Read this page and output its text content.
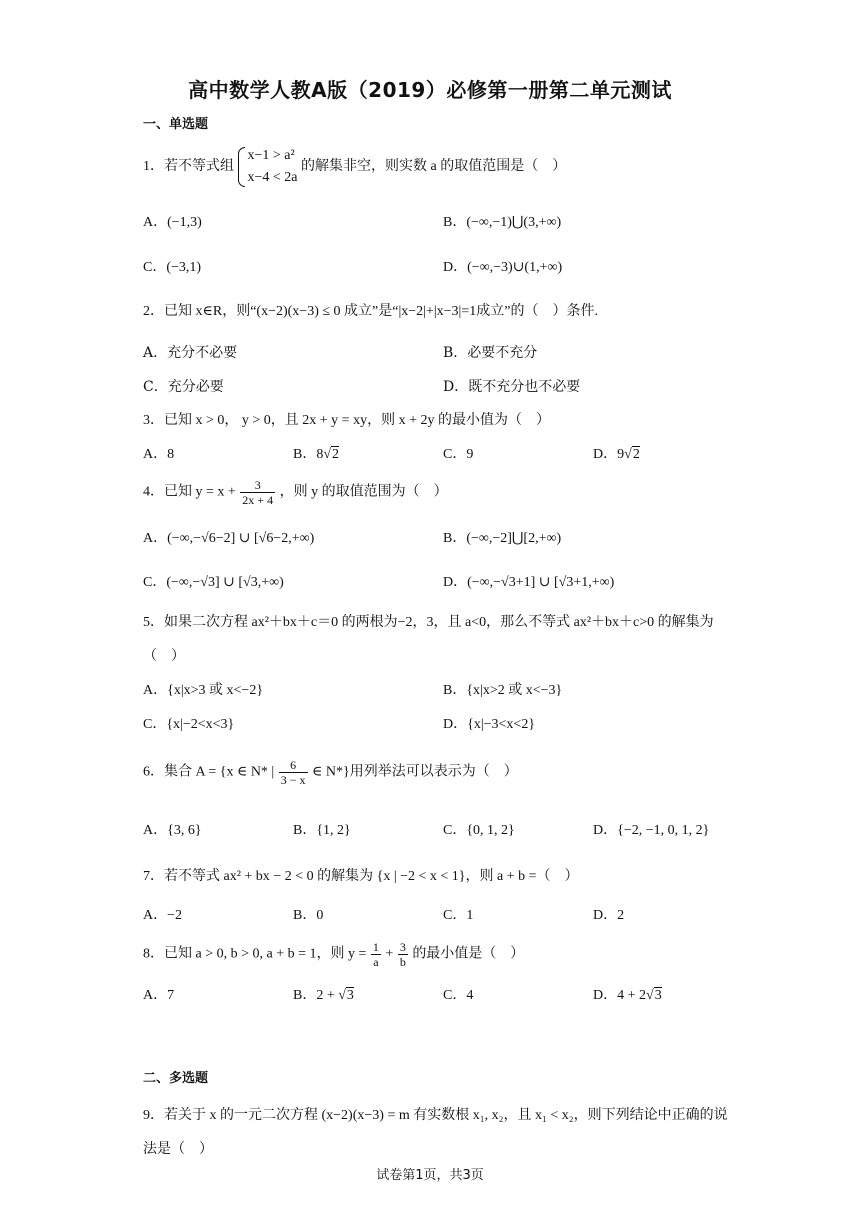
高中数学人教A版（2019）必修第一册第二单元测试
一、单选题
1．若不等式组
x−1 > a²
x−4 < 2a
的解集非空，则实数 a 的取值范围是（　）
A．(−1,3)	B．(−∞,−1)⋃(3,+∞)
C．(−3,1)	D．(−∞,−3)∪(1,+∞)
2．已知 x∈R，则“(x−2)(x−3) ≤ 0 成立”是“|x−2|+|x−3|=1成立”的（　）条件.
A．充分不必要	B．必要不充分
C．充分必要	D．既不充分也不必要
3．已知 x > 0， y > 0，且 2x + y = xy，则 x + 2y 的最小值为（　）
A．8	B．8√2	C．9	D．9√2
4．已知 $y = x + \frac{3}{2x + 4}$ ，则 y 的取值范围为（　）
A．(−∞,−√6−2] ∪ [√6−2,+∞)	B．(−∞,−2]⋃[2,+∞)
C．(−∞,−√3] ∪ [√3,+∞)	D．(−∞,−√3+1] ∪ [√3+1,+∞)
5．如果二次方程 ax²＋bx＋c＝0 的两根为−2，3，且 a<0，那么不等式 ax²＋bx＋c>0 的解集为（　）
A．{x|x>3 或 x<−2}	B．{x|x>2 或 x<−3}
C．{x|−2<x<3}	D．{x|−3<x<2}
6．集合 A = {x ∈ N* | $\frac{6}{3 - x}$ ∈ N*}用列举法可以表示为（　）
A．{3, 6}	B．{1, 2}	C．{0, 1, 2}	D．{−2, −1, 0, 1, 2}
7．若不等式 ax² + bx − 2 < 0 的解集为 {x | −2 < x < 1}，则 a + b =（　）
A．−2	B．0	C．1	D．2
8．已知 a > 0, b > 0, a + b = 1，则 $y = \frac{1}{a} + \frac{3}{b}$ 的最小值是（　）
A．7	B．2 + √3	C．4	D．4 + 2√3
二、多选题
9．若关于 x 的一元二次方程 (x−2)(x−3) = m 有实数根 x₁, x₂，且 x₁ < x₂，则下列结论中正确的说法是（　）
试卷第1页，共3页
